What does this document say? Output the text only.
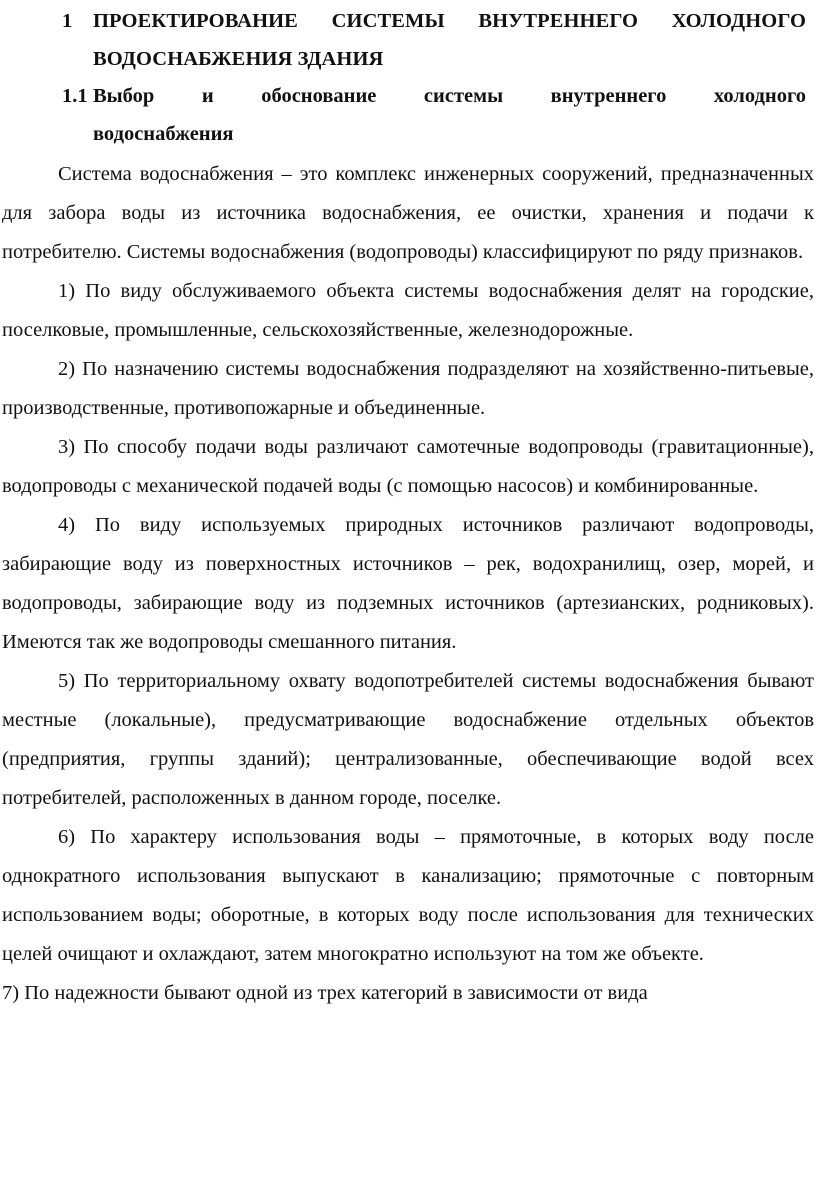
1 ПРОЕКТИРОВАНИЕ СИСТЕМЫ ВНУТРЕННЕГО ХОЛОДНОГО ВОДОСНАБЖЕНИЯ ЗДАНИЯ
1.1 Выбор и обоснование системы внутреннего холодного
водоснабжения

Система водоснабжения – это комплекс инженерных сооружений, предназначенных для забора воды из источника водоснабжения, ее очистки, хранения и подачи к потребителю. Системы водоснабжения (водопроводы) классифицируют по ряду признаков.

1) По виду обслуживаемого объекта системы водоснабжения делят на городские, поселковые, промышленные, сельскохозяйственные, железнодорожные.

2) По назначению системы водоснабжения подразделяют на хозяйственно-питьевые, производственные, противопожарные и объединенные.

3) По способу подачи воды различают самотечные водопроводы (гравитационные), водопроводы с механической подачей воды (с помощью насосов) и комбинированные.

4) По виду используемых природных источников различают водопроводы, забирающие воду из поверхностных источников – рек, водохранилищ, озер, морей, и водопроводы, забирающие воду из подземных источников (артезианских, родниковых). Имеются так же водопроводы смешанного питания.

5) По территориальному охвату водопотребителей системы водоснабжения бывают местные (локальные), предусматривающие водоснабжение отдельных объектов (предприятия, группы зданий); централизованные, обеспечивающие водой всех потребителей, расположенных в данном городе, поселке.

6) По характеру использования воды – прямоточные, в которых воду после однократного использования выпускают в канализацию; прямоточные с повторным использованием воды; оборотные, в которых воду после использования для технических целей очищают и охлаждают, затем многократно используют на том же объекте.

7) По надежности бывают одной из трех категорий в зависимости от вида
